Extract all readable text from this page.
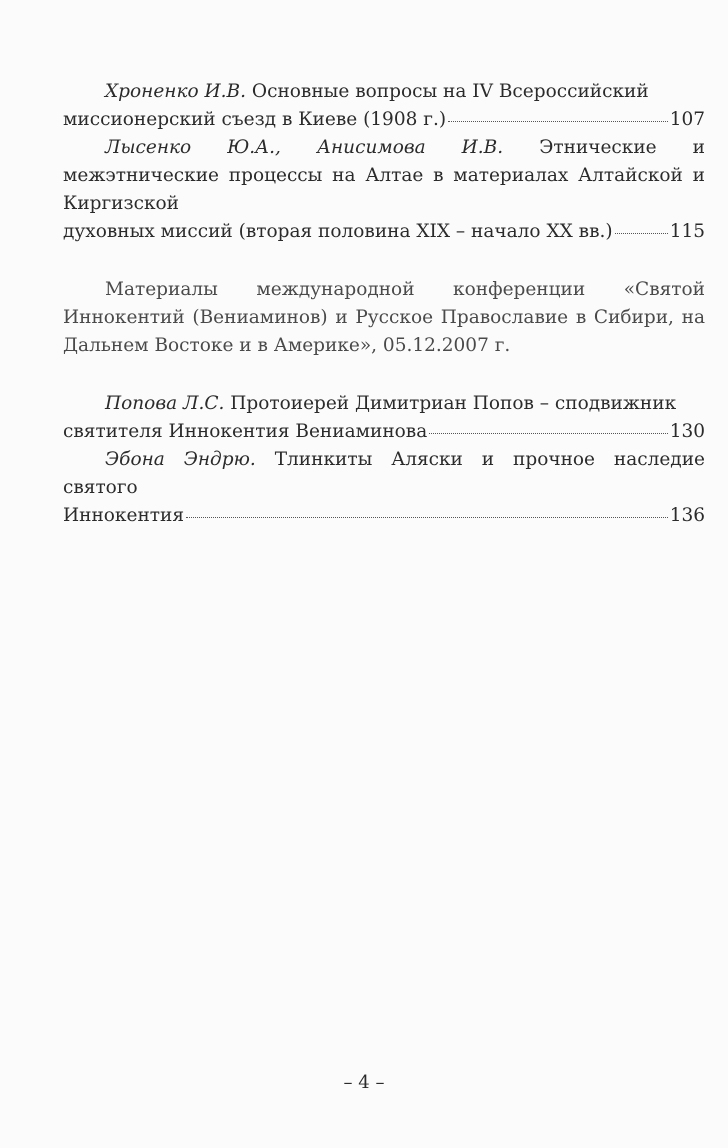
Хроненко И.В. Основные вопросы на IV Всероссийский
миссионерский съезд в Киеве (1908 г.)	107
Лысенко Ю.А., Анисимова И.В. Этнические и межэтнические процессы на Алтае в материалах Алтайской и Киргизской
духовных миссий (вторая половина XIX – начало XX вв.)	115
Материалы международной конференции «Святой Иннокентий (Вениаминов) и Русское Православие в Сибири, на Дальнем Востоке и в Америке», 05.12.2007 г.
Попова Л.С. Протоиерей Димитриан Попов – сподвижник
святителя Иннокентия Вениаминова	130
Эбона Эндрю. Тлинкиты Аляски и прочное наследие святого
Иннокентия	136
– 4 –
